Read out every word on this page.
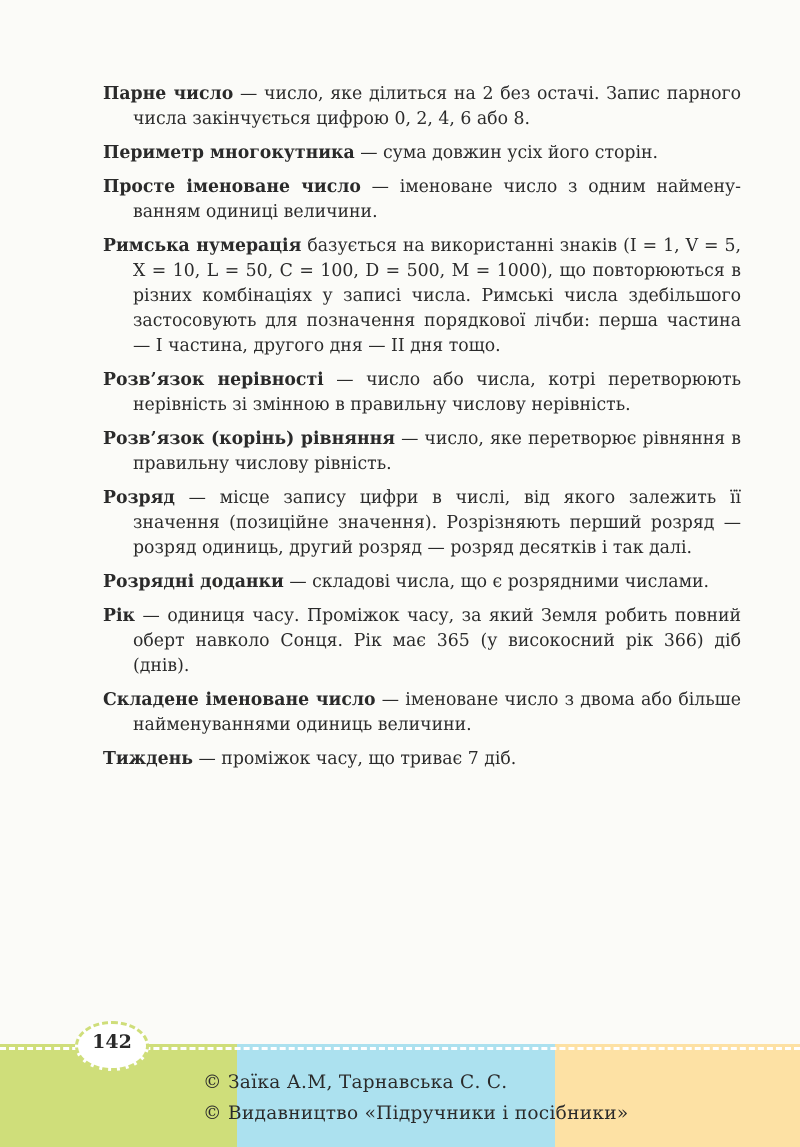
Парне число — число, яке ділиться на 2 без остачі. Запис парного числа закінчується цифрою 0, 2, 4, 6 або 8.

Периметр многокутника — сума довжин усіх його сторін.

Просте іменоване число — іменоване число з одним найменуванням одиниці величини.

Римська нумерація базується на використанні знаків (I = 1, V = 5, X = 10, L = 50, C = 100, D = 500, M = 1000), що повторюються в різних комбінаціях у записі числа. Римські числа здебільшого застосовують для позначення порядкової лічби: перша частина — I частина, другого дня — II дня тощо.

Розв’язок нерівності — число або числа, котрі перетворюють нерівність зі змінною в правильну числову нерівність.

Розв’язок (корінь) рівняння — число, яке перетворює рівняння в правильну числову рівність.

Розряд — місце запису цифри в числі, від якого залежить її значення (позиційне значення). Розрізняють перший розряд — розряд одиниць, другий розряд — розряд десятків і так далі.

Розрядні доданки — складові числа, що є розрядними числами.

Рік — одиниця часу. Проміжок часу, за який Земля робить повний оберт навколо Сонця. Рік має 365 (у високосний рік 366) діб (днів).

Складене іменоване число — іменоване число з двома або більше найменуваннями одиниць величини.

Тиждень — проміжок часу, що триває 7 діб.

142
© Заїка А.М, Тарнавська С. С.
© Видавництво «Підручники і посібники»
